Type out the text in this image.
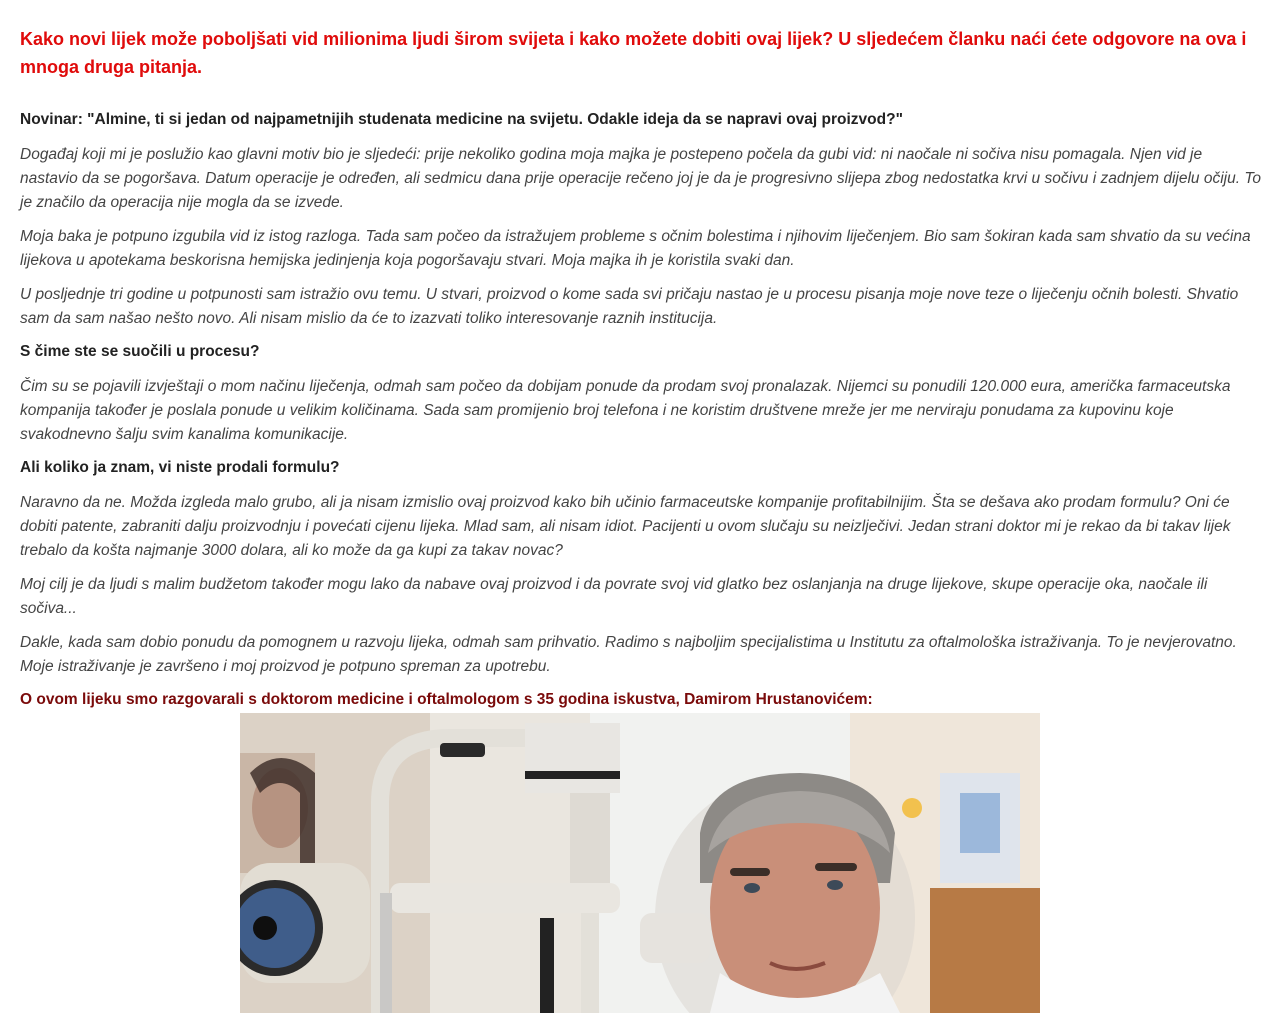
Kako novi lijek može poboljšati vid milionima ljudi širom svijeta i kako možete dobiti ovaj lijek? U sljedećem članku naći ćete odgovore na ova i mnoga druga pitanja.

Novinar: "Almine, ti si jedan od najpametnijih studenata medicine na svijetu. Odakle ideja da se napravi ovaj proizvod?"

Događaj koji mi je poslužio kao glavni motiv bio je sljedeći: prije nekoliko godina moja majka je postepeno počela da gubi vid: ni naočale ni sočiva nisu pomagala. Njen vid je nastavio da se pogoršava. Datum operacije je određen, ali sedmicu dana prije operacije rečeno joj je da je progresivno slijepa zbog nedostatka krvi u sočivu i zadnjem dijelu očiju. To je značilo da operacija nije mogla da se izvede.

Moja baka je potpuno izgubila vid iz istog razloga. Tada sam počeo da istražujem probleme s očnim bolestima i njihovim liječenjem. Bio sam šokiran kada sam shvatio da su većina lijekova u apotekama beskorisna hemijska jedinjenja koja pogoršavaju stvari. Moja majka ih je koristila svaki dan.

U posljednje tri godine u potpunosti sam istražio ovu temu. U stvari, proizvod o kome sada svi pričaju nastao je u procesu pisanja moje nove teze o liječenju očnih bolesti. Shvatio sam da sam našao nešto novo. Ali nisam mislio da će to izazvati toliko interesovanje raznih institucija.

S čime ste se suočili u procesu?

Čim su se pojavili izvještaji o mom načinu liječenja, odmah sam počeo da dobijam ponude da prodam svoj pronalazak. Nijemci su ponudili 120.000 eura, američka farmaceutska kompanija također je poslala ponude u velikim količinama. Sada sam promijenio broj telefona i ne koristim društvene mreže jer me nerviraju ponudama za kupovinu koje svakodnevno šalju svim kanalima komunikacije.

Ali koliko ja znam, vi niste prodali formulu?

Naravno da ne. Možda izgleda malo grubo, ali ja nisam izmislio ovaj proizvod kako bih učinio farmaceutske kompanije profitabilnijim. Šta se dešava ako prodam formulu? Oni će dobiti patente, zabraniti dalju proizvodnju i povećati cijenu lijeka. Mlad sam, ali nisam idiot. Pacijenti u ovom slučaju su neizlječivi. Jedan strani doktor mi je rekao da bi takav lijek trebalo da košta najmanje 3000 dolara, ali ko može da ga kupi za takav novac?

Moj cilj je da ljudi s malim budžetom također mogu lako da nabave ovaj proizvod i da povrate svoj vid glatko bez oslanjanja na druge lijekove, skupe operacije oka, naočale ili sočiva...

Dakle, kada sam dobio ponudu da pomognem u razvoju lijeka, odmah sam prihvatio. Radimo s najboljim specijalistima u Institutu za oftalmološka istraživanja. To je nevjerovatno. Moje istraživanje je završeno i moj proizvod je potpuno spreman za upotrebu.

O ovom lijeku smo razgovarali s doktorom medicine i oftalmologom s 35 godina iskustva, Damirom Hrustanovićem:
